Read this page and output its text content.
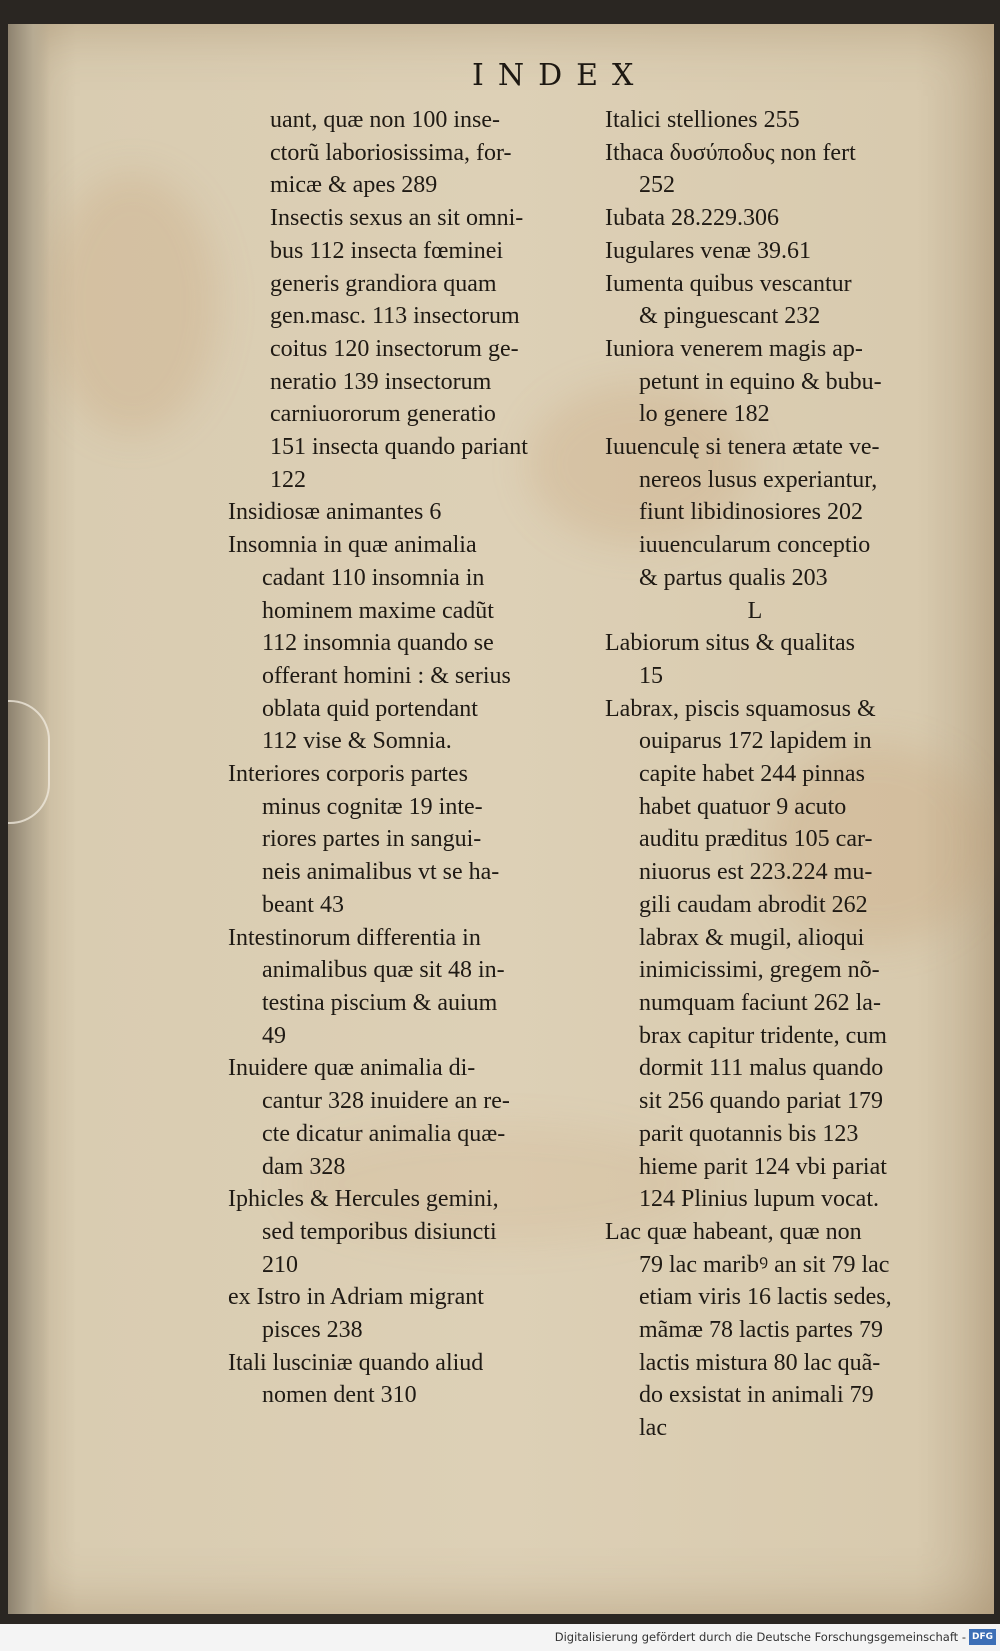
INDEX
uant, quæ non 100 inse-
ctorũ laboriosissima, for-
micæ & apes 289
Insectis sexus an sit omni-
bus 112 insecta fœminei
generis grandiora quam
gen.masc. 113 insectorum
coitus 120 insectorum ge-
neratio 139 insectorum
carniuororum generatio
151 insecta quando pariant
122
Insidiosæ animantes 6
Insomnia in quæ animalia
cadant 110 insomnia in
hominem maxime cadũt
112 insomnia quando se
offerant homini : & serius
oblata quid portendant
112 vise & Somnia.
Interiores corporis partes
minus cognitæ 19 inte-
riores partes in sangui-
neis animalibus vt se ha-
beant 43
Intestinorum differentia in
animalibus quæ sit 48 in-
testina piscium & auium
49
Inuidere quæ animalia di-
cantur 328 inuidere an re-
cte dicatur animalia quæ-
dam 328
Iphicles & Hercules gemini,
sed temporibus disiuncti
210
ex Istro in Adriam migrant
pisces 238
Itali lusciniæ quando aliud
nomen dent 310
Italici stelliones 255
Ithaca δυσύποδυς non fert
252
Iubata 28.229.306
Iugulares venæ 39.61
Iumenta quibus vescantur
& pinguescant 232
Iuniora venerem magis ap-
petunt in equino & bubu-
lo genere 182
Iuuenculę si tenera ætate ve-
nereos lusus experiantur,
fiunt libidinosiores 202
iuuencularum conceptio
& partus qualis 203
L
Labiorum situs & qualitas
15
Labrax, piscis squamosus &
ouiparus 172 lapidem in
capite habet 244 pinnas
habet quatuor 9 acuto
auditu præditus 105 car-
niuorus est 223.224 mu-
gili caudam abrodit 262
labrax & mugil, alioqui
inimicissimi, gregem nõ-
numquam faciunt 262 la-
brax capitur tridente, cum
dormit 111 malus quando
sit 256 quando pariat 179
parit quotannis bis 123
hieme parit 124 vbi pariat
124 Plinius lupum vocat.
Lac quæ habeant, quæ non
79 lac maribꝰ an sit 79 lac
etiam viris 16 lactis sedes,
mãmæ 78 lactis partes 79
lactis mistura 80 lac quã-
do exsistat in animali 79
lac
Digitalisierung gefördert durch die Deutsche Forschungsgemeinschaft - DFG
